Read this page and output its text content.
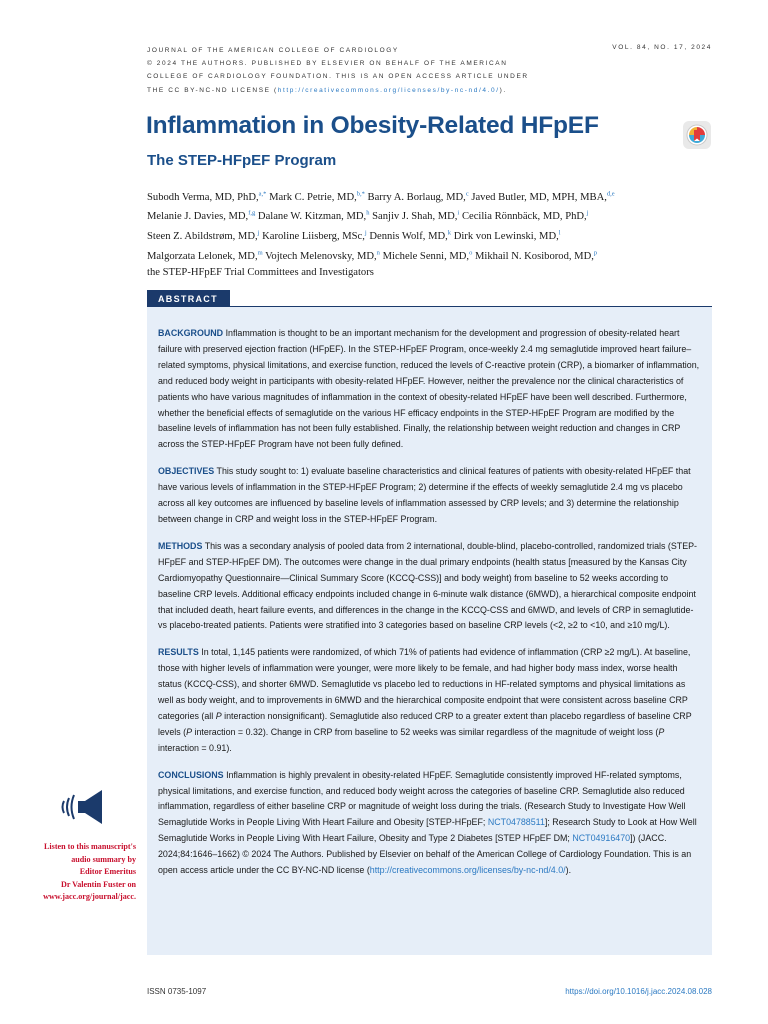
JOURNAL OF THE AMERICAN COLLEGE OF CARDIOLOGY
© 2024 THE AUTHORS. PUBLISHED BY ELSEVIER ON BEHALF OF THE AMERICAN
COLLEGE OF CARDIOLOGY FOUNDATION. THIS IS AN OPEN ACCESS ARTICLE UNDER
THE CC BY-NC-ND LICENSE (http://creativecommons.org/licenses/by-nc-nd/4.0/).
VOL. 84, NO. 17, 2024
Inflammation in Obesity-Related HFpEF
The STEP-HFpEF Program
Subodh Verma, MD, PhD,$^{a,*}$ Mark C. Petrie, MD,$^{b,*}$ Barry A. Borlaug, MD,$^c$ Javed Butler, MD, MPH, MBA,$^{d,e}$
Melanie J. Davies, MD,$^{f,g}$ Dalane W. Kitzman, MD,$^h$ Sanjiv J. Shah, MD,$^i$ Cecilia Rönnbäck, MD, PhD,$^j$
Steen Z. Abildstrøm, MD,$^j$ Karoline Liisberg, MSc,$^j$ Dennis Wolf, MD,$^k$ Dirk von Lewinski, MD,$^l$
Malgorzata Lelonek, MD,$^m$ Vojtech Melenovsky, MD,$^n$ Michele Senni, MD,$^o$ Mikhail N. Kosiborod, MD,$^p$
the STEP-HFpEF Trial Committees and Investigators
ABSTRACT

BACKGROUND Inflammation is thought to be an important mechanism for the development and progression of obesity-related heart failure with preserved ejection fraction (HFpEF). In the STEP-HFpEF Program, once-weekly 2.4 mg semaglutide improved heart failure–related symptoms, physical limitations, and exercise function, reduced the levels of C-reactive protein (CRP), a biomarker of inflammation, and reduced body weight in participants with obesity-related HFpEF. However, neither the prevalence nor the clinical characteristics of patients who have various magnitudes of inflammation in the context of obesity-related HFpEF have been well described. Furthermore, whether the beneficial effects of semaglutide on the various HF efficacy endpoints in the STEP-HFpEF Program are modified by the baseline levels of inflammation has not been fully established. Finally, the relationship between weight reduction and changes in CRP across the STEP-HFpEF Program have not been fully defined.

OBJECTIVES This study sought to: 1) evaluate baseline characteristics and clinical features of patients with obesity-related HFpEF that have various levels of inflammation in the STEP-HFpEF Program; 2) determine if the effects of weekly semaglutide 2.4 mg vs placebo across all key outcomes are influenced by baseline levels of inflammation assessed by CRP levels; and 3) determine the relationship between change in CRP and weight loss in the STEP-HFpEF Program.

METHODS This was a secondary analysis of pooled data from 2 international, double-blind, placebo-controlled, randomized trials (STEP-HFpEF and STEP-HFpEF DM). The outcomes were change in the dual primary endpoints (health status [measured by the Kansas City Cardiomyopathy Questionnaire—Clinical Summary Score (KCCQ-CSS)] and body weight) from baseline to 52 weeks according to baseline CRP levels. Additional efficacy endpoints included change in 6-minute walk distance (6MWD), a hierarchical composite endpoint that included death, heart failure events, and differences in the change in the KCCQ-CSS and 6MWD, and levels of CRP in semaglutide- vs placebo-treated patients. Patients were stratified into 3 categories based on baseline CRP levels (<2, ≥2 to <10, and ≥10 mg/L).

RESULTS In total, 1,145 patients were randomized, of which 71% of patients had evidence of inflammation (CRP ≥2 mg/L). At baseline, those with higher levels of inflammation were younger, were more likely to be female, and had higher body mass index, worse health status (KCCQ-CSS), and shorter 6MWD. Semaglutide vs placebo led to reductions in HF-related symptoms and physical limitations as well as body weight, and to improvements in 6MWD and the hierarchical composite endpoint that were consistent across baseline CRP categories (all P interaction nonsignificant). Semaglutide also reduced CRP to a greater extent than placebo regardless of baseline CRP levels (P interaction = 0.32). Change in CRP from baseline to 52 weeks was similar regardless of the magnitude of weight loss (P interaction = 0.91).

CONCLUSIONS Inflammation is highly prevalent in obesity-related HFpEF. Semaglutide consistently improved HF-related symptoms, physical limitations, and exercise function, and reduced body weight across the categories of baseline CRP. Semaglutide also reduced inflammation, regardless of either baseline CRP or magnitude of weight loss during the trials. (Research Study to Investigate How Well Semaglutide Works in People Living With Heart Failure and Obesity [STEP-HFpEF; NCT04788511]; Research Study to Look at How Well Semaglutide Works in People Living With Heart Failure, Obesity and Type 2 Diabetes [STEP HFpEF DM; NCT04916470]) (JACC. 2024;84:1646–1662) © 2024 The Authors. Published by Elsevier on behalf of the American College of Cardiology Foundation. This is an open access article under the CC BY-NC-ND license (http://creativecommons.org/licenses/by-nc-nd/4.0/).

Listen to this manuscript's
audio summary by
Editor Emeritus
Dr Valentin Fuster on
www.jacc.org/journal/jacc.
ISSN 0735-1097	https://doi.org/10.1016/j.jacc.2024.08.028
